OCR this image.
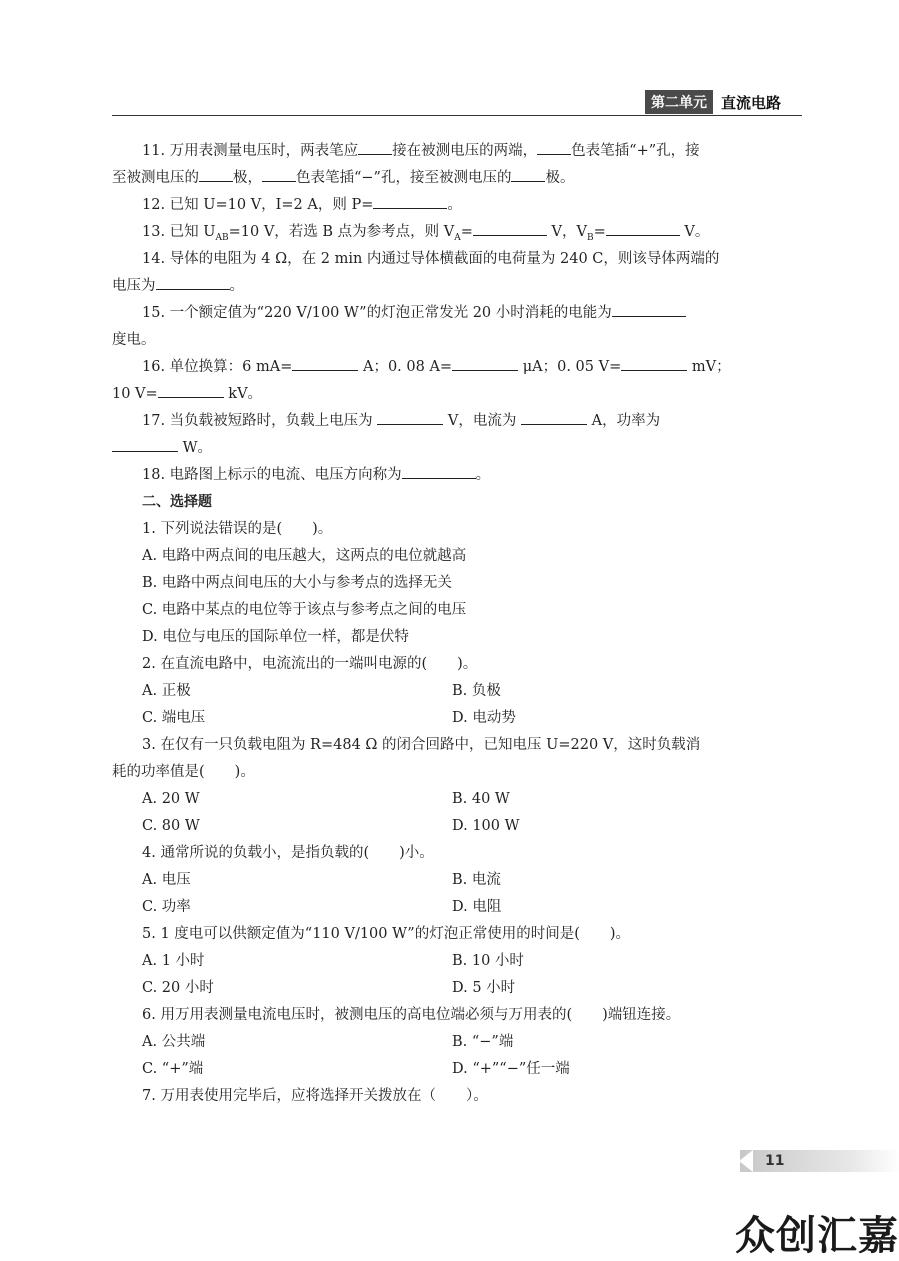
第二单元 直流电路
11. 万用表测量电压时，两表笔应 接在被测电压的两端， 色表笔插“+”孔，接
至被测电压的 极， 色表笔插“−”孔，接至被测电压的 极。
12. 已知 U=10 V，I=2 A，则 P=	。
13. 已知 $U_{AB}=10$ V，若选 B 点为参考点，则 $V_A=$	V，$V_B=$	V。
14. 导体的电阻为 4 Ω，在 2 min 内通过导体横截面的电荷量为 240 C，则该导体两端的
电压为	。
15. 一个额定值为“220 V/100 W”的灯泡正常发光 20 小时消耗的电能为
度电。
16. 单位换算：6 mA=	A；0. 08 A=	μA；0. 05 V=	mV；
10 V=	kV。
17. 当负载被短路时，负载上电压为	V，电流为	A，功率为
W。
18. 电路图上标示的电流、电压方向称为	。
二、选择题
1. 下列说法错误的是( )。
A. 电路中两点间的电压越大，这两点的电位就越高
B. 电路中两点间电压的大小与参考点的选择无关
C. 电路中某点的电位等于该点与参考点之间的电压
D. 电位与电压的国际单位一样，都是伏特
2. 在直流电路中，电流流出的一端叫电源的( )。
A. 正极	B. 负极
C. 端电压	D. 电动势
3. 在仅有一只负载电阻为 R=484 Ω 的闭合回路中，已知电压 U=220 V，这时负载消
耗的功率值是( )。
A. 20 W	B. 40 W
C. 80 W	D. 100 W
4. 通常所说的负载小，是指负载的( )小。
A. 电压	B. 电流
C. 功率	D. 电阻
5. 1 度电可以供额定值为“110 V/100 W”的灯泡正常使用的时间是( )。
A. 1 小时	B. 10 小时
C. 20 小时	D. 5 小时
6. 用万用表测量电流电压时，被测电压的高电位端必须与万用表的( )端钮连接。
A. 公共端	B. “−”端
C. “+”端	D. “+”“−”任一端
7. 万用表使用完毕后，应将选择开关拨放在（ ）。
11
众创汇嘉
